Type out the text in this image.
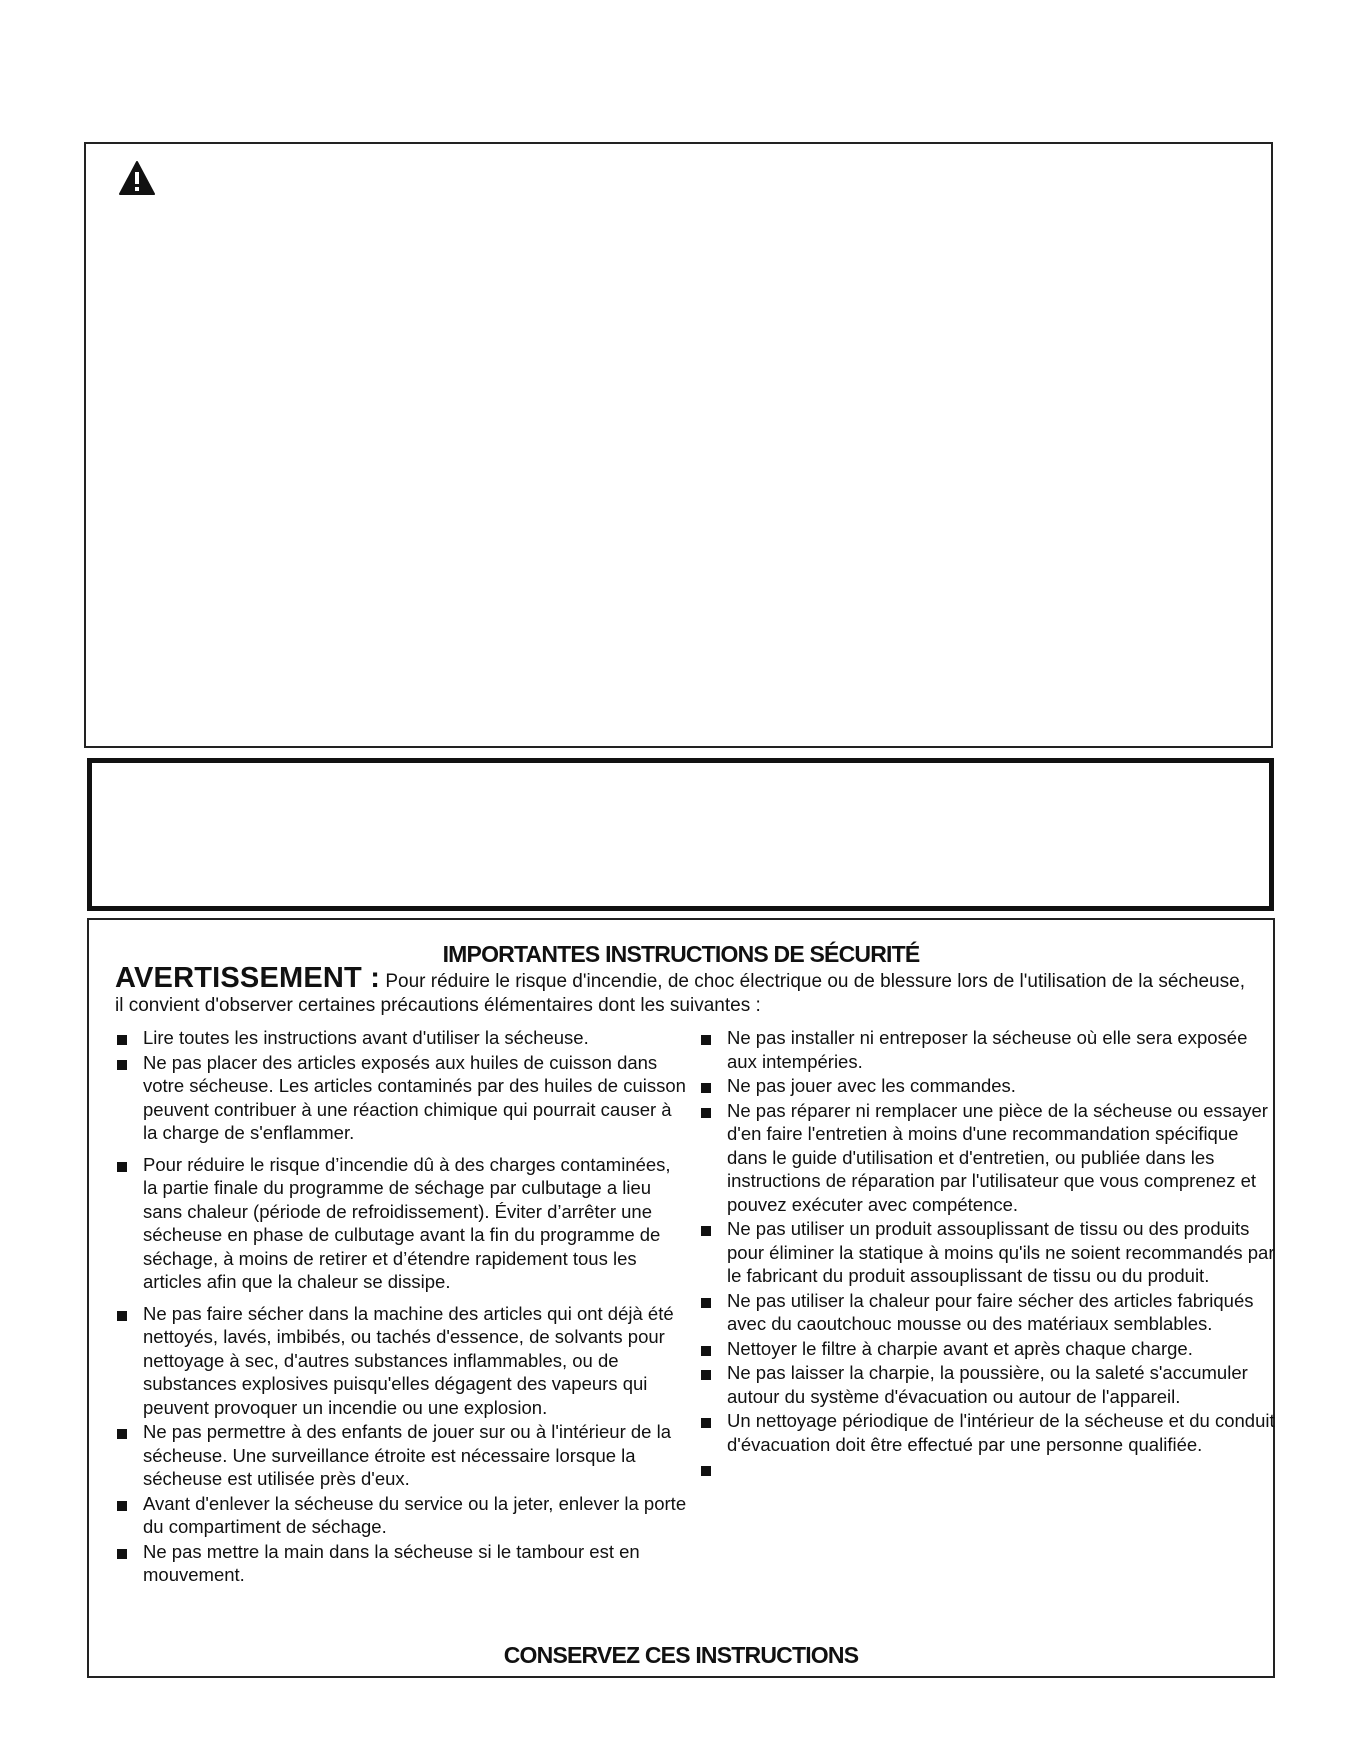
IMPORTANTES INSTRUCTIONS DE SÉCURITÉ
AVERTISSEMENT : Pour réduire le risque d'incendie, de choc électrique ou de blessure lors de l'utilisation de la sécheuse, il convient d'observer certaines précautions élémentaires dont les suivantes :
Lire toutes les instructions avant d'utiliser la sécheuse.
Ne pas placer des articles exposés aux huiles de cuisson dans votre sécheuse. Les articles contaminés par des huiles de cuisson peuvent contribuer à une réaction chimique qui pourrait causer à la charge de s'enflammer.
Pour réduire le risque d’incendie dû à des charges contaminées, la partie finale du programme de séchage par culbutage a lieu sans chaleur (période de refroidissement). Éviter d’arrêter une sécheuse en phase de culbutage avant la fin du programme de séchage, à moins de retirer et d’étendre rapidement tous les articles afin que la chaleur se dissipe.
Ne pas faire sécher dans la machine des articles qui ont déjà été nettoyés, lavés, imbibés, ou tachés d'essence, de solvants pour nettoyage à sec, d'autres substances inflammables, ou de substances explosives puisqu'elles dégagent des vapeurs qui peuvent provoquer un incendie ou une explosion.
Ne pas permettre à des enfants de jouer sur ou à l'intérieur de la sécheuse. Une surveillance étroite est nécessaire lorsque la sécheuse est utilisée près d'eux.
Avant d'enlever la sécheuse du service ou la jeter, enlever la porte du compartiment de séchage.
Ne pas mettre la main dans la sécheuse si le tambour est en mouvement.
Ne pas installer ni entreposer la sécheuse où elle sera exposée aux intempéries.
Ne pas jouer avec les commandes.
Ne pas réparer ni remplacer une pièce de la sécheuse ou essayer d'en faire l'entretien à moins d'une recommandation spécifique dans le guide d'utilisation et d'entretien, ou publiée dans les instructions de réparation par l'utilisateur que vous comprenez et pouvez exécuter avec compétence.
Ne pas utiliser un produit assouplissant de tissu ou des produits pour éliminer la statique à moins qu'ils ne soient recommandés par le fabricant du produit assouplissant de tissu ou du produit.
Ne pas utiliser la chaleur pour faire sécher des articles fabriqués avec du caoutchouc mousse ou des matériaux semblables.
Nettoyer le filtre à charpie avant et après chaque charge.
Ne pas laisser la charpie, la poussière, ou la saleté s'accumuler autour du système d'évacuation ou autour de l'appareil.
Un nettoyage périodique de l'intérieur de la sécheuse et du conduit d'évacuation doit être effectué par une personne qualifiée.

CONSERVEZ CES INSTRUCTIONS
